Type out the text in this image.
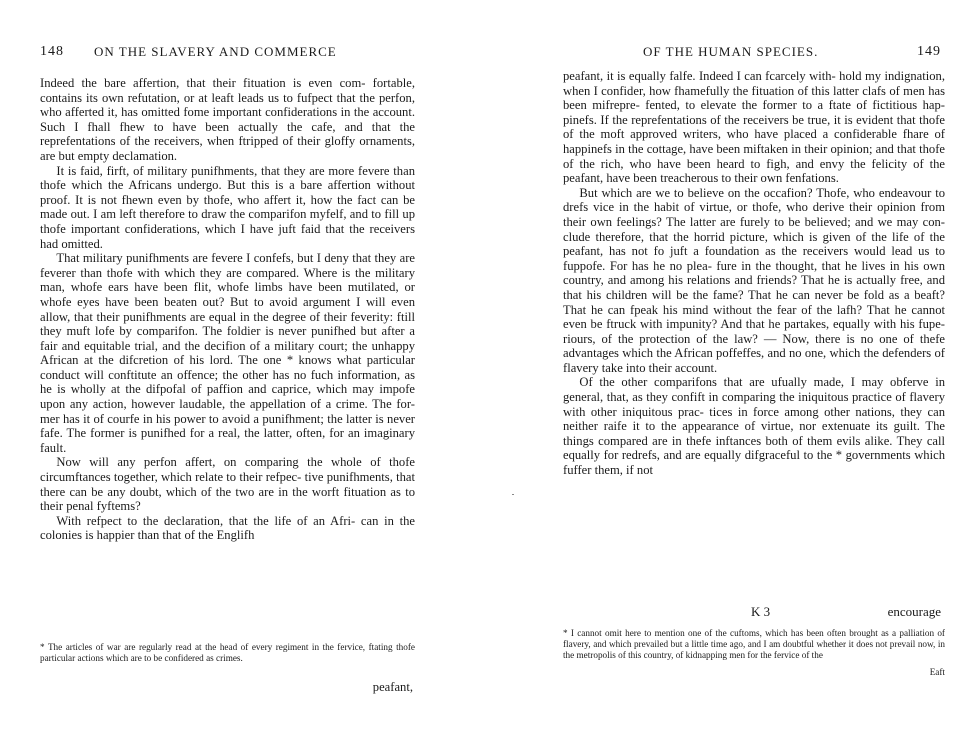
148 ON THE SLAVERY AND COMMERCE

Indeed the bare affertion, that their fituation is even com- fortable, contains its own refutation, or at leaft leads us to fufpect that the perfon, who afferted it, has omitted fome important confiderations in the account. Such I fhall fhew to have been actually the cafe, and that the reprefentations of the receivers, when ftripped of their gloffy ornaments, are but empty declamation.

It is faid, firft, of military punifhments, that they are more fevere than thofe which the Africans undergo. But this is a bare affertion without proof. It is not fhewn even by thofe, who affert it, how the fact can be made out. I am left therefore to draw the comparifon myfelf, and to fill up thofe important confiderations, which I have juft faid that the receivers had omitted.

That military punifhments are fevere I confefs, but I deny that they are feverer than thofe with which they are compared. Where is the military man, whofe ears have been flit, whofe limbs have been mutilated, or whofe eyes have been beaten out? But to avoid argument I will even allow, that their punifhments are equal in the degree of their feverity: ftill they muft lofe by comparifon. The foldier is never punifhed but after a fair and equitable trial, and the decifion of a military court; the unhappy African at the difcretion of his lord. The one * knows what particular conduct will conftitute an offence; the other has no fuch information, as he is wholly at the difpofal of paffion and caprice, which may impofe upon any action, however laudable, the appellation of a crime. The for- mer has it of courfe in his power to avoid a punifhment; the latter is never fafe. The former is punifhed for a real, the latter, often, for an imaginary fault.

Now will any perfon affert, on comparing the whole of thofe circumftances together, which relate to their refpec- tive punifhments, that there can be any doubt, which of the two are in the worft fituation as to their penal fyftems?

With refpect to the declaration, that the life of an Afri- can in the colonies is happier than that of the Englifh

* The articles of war are regularly read at the head of every regiment in the fervice, ftating thofe particular actions which are to be confidered as crimes.
peafant,
OF THE HUMAN SPECIES.	149

peafant, it is equally falfe. Indeed I can fcarcely with- hold my indignation, when I confider, how fhamefully the fituation of this latter clafs of men has been mifrepre- fented, to elevate the former to a ftate of fictitious hap- pinefs. If the reprefentations of the receivers be true, it is evident that thofe of the moft approved writers, who have placed a confiderable fhare of happinefs in the cottage, have been miftaken in their opinion; and that thofe of the rich, who have been heard to figh, and envy the felicity of the peafant, have been treacherous to their own fenfations.

But which are we to believe on the occafion? Thofe, who endeavour to drefs vice in the habit of virtue, or thofe, who derive their opinion from their own feelings? The latter are furely to be believed; and we may con- clude therefore, that the horrid picture, which is given of the life of the peafant, has not fo juft a foundation as the receivers would lead us to fuppofe. For has he no plea- fure in the thought, that he lives in his own country, and among his relations and friends? That he is actually free, and that his children will be the fame? That he can never be fold as a beaft? That he can fpeak his mind without the fear of the lafh? That he cannot even be ftruck with impunity? And that he partakes, equally with his fupe- riours, of the protection of the law? — Now, there is no one of thefe advantages which the African poffeffes, and no one, which the defenders of flavery take into their account.

Of the other comparifons that are ufually made, I may obferve in general, that, as they confift in comparing the iniquitous practice of flavery with other iniquitous prac- tices in force among other nations, they can neither raife it to the appearance of virtue, nor extenuate its guilt. The things compared are in thefe inftances both of them evils alike. They call equally for redrefs, and are equally difgraceful to the * governments which fuffer them, if not

K 3	encourage
* I cannot omit here to mention one of the cuftoms, which has been often brought as a palliation of flavery, and which prevailed but a little time ago, and I am doubtful whether it does not prevail now, in the metropolis of this country, of kidnapping men for the fervice of the
Eaft
